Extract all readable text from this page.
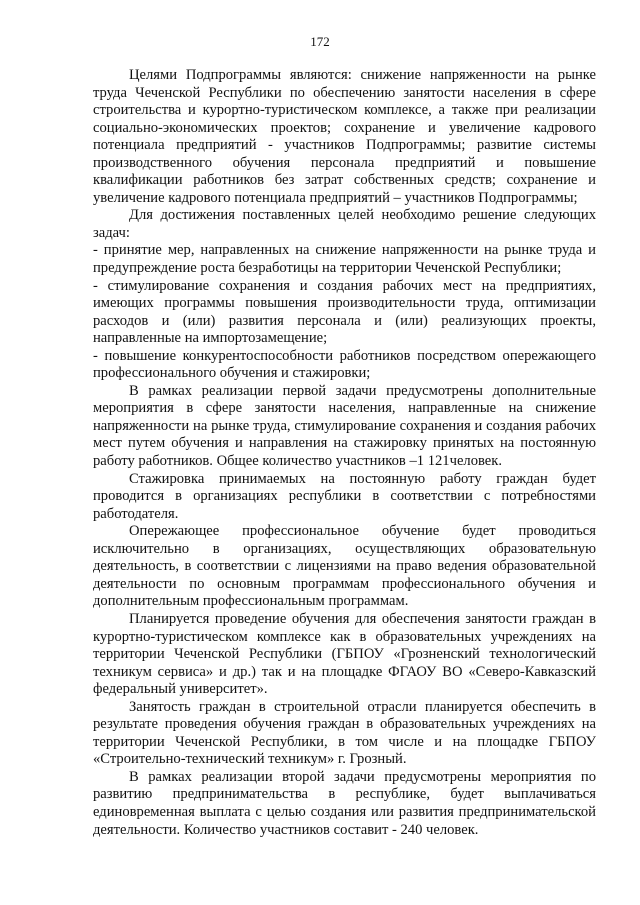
172

Целями Подпрограммы являются: снижение напряженности на рынке труда Чеченской Республики по обеспечению занятости населения в сфере строительства и курортно-туристическом комплексе, а также при реализации социально-экономических проектов; сохранение и увеличение кадрового потенциала предприятий - участников Подпрограммы; развитие системы производственного обучения персонала предприятий и повышение квалификации работников без затрат собственных средств; сохранение и увеличение кадрового потенциала предприятий – участников Подпрограммы;

Для достижения поставленных целей необходимо решение следующих задач:

- принятие мер, направленных на снижение напряженности на рынке труда и предупреждение роста безработицы на территории Чеченской Республики;

- стимулирование сохранения и создания рабочих мест на предприятиях, имеющих программы повышения производительности труда, оптимизации расходов и (или) развития персонала и (или) реализующих проекты, направленные на импортозамещение;

- повышение конкурентоспособности работников посредством опережающего профессионального обучения и стажировки;

В рамках реализации первой задачи предусмотрены дополнительные мероприятия в сфере занятости населения, направленные на снижение напряженности на рынке труда, стимулирование сохранения и создания рабочих мест путем обучения и направления на стажировку принятых на постоянную работу работников. Общее количество участников –1 121человек.

Стажировка принимаемых на постоянную работу граждан будет проводится в организациях республики в соответствии с потребностями работодателя.

Опережающее профессиональное обучение будет проводиться исключительно в организациях, осуществляющих образовательную деятельность, в соответствии с лицензиями на право ведения образовательной деятельности по основным программам профессионального обучения и дополнительным профессиональным программам.

Планируется проведение обучения для обеспечения занятости граждан в курортно-туристическом комплексе как в образовательных учреждениях на территории Чеченской Республики (ГБПОУ «Грозненский технологический техникум сервиса» и др.) так и на площадке ФГАОУ ВО «Северо-Кавказский федеральный университет».

Занятость граждан в строительной отрасли планируется обеспечить в результате проведения обучения граждан в образовательных учреждениях на территории Чеченской Республики, в том числе и на площадке ГБПОУ «Строительно-технический техникум» г. Грозный.

В рамках реализации второй задачи предусмотрены мероприятия по развитию предпринимательства в республике, будет выплачиваться единовременная выплата с целью создания или развития предпринимательской деятельности. Количество участников составит - 240 человек.
